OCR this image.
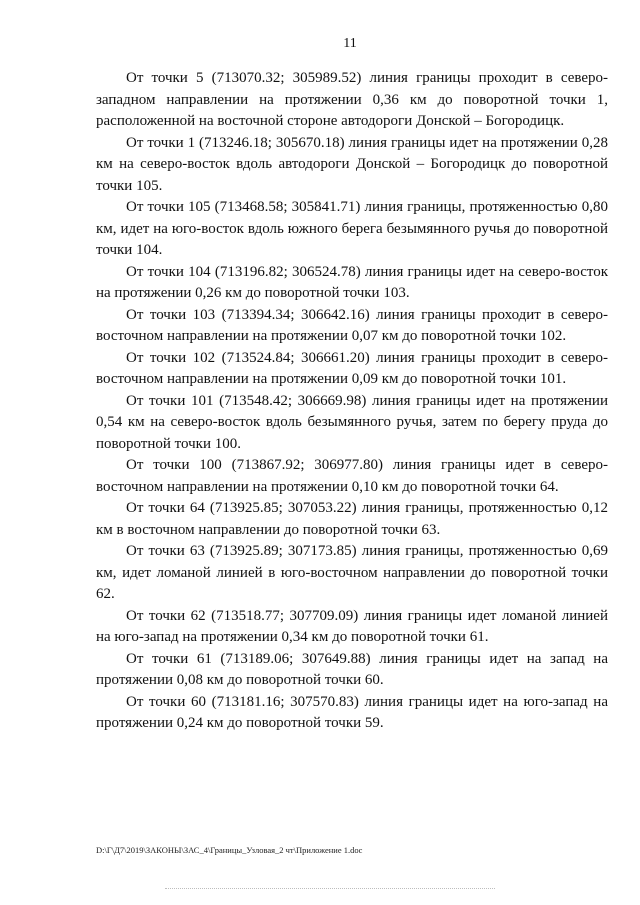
11

От точки 5 (713070.32; 305989.52) линия границы проходит в северо-западном направлении на протяжении 0,36 км до поворотной точки 1, расположенной на восточной стороне автодороги Донской – Богородицк.

От точки 1 (713246.18; 305670.18) линия границы идет на протяжении 0,28 км на северо-восток вдоль автодороги Донской – Богородицк до поворотной точки 105.

От точки 105 (713468.58; 305841.71) линия границы, протяженностью 0,80 км, идет на юго-восток вдоль южного берега безымянного ручья до поворотной точки 104.

От точки 104 (713196.82; 306524.78) линия границы идет на северо-восток на протяжении 0,26 км до поворотной точки 103.

От точки 103 (713394.34; 306642.16) линия границы проходит в северо-восточном направлении на протяжении 0,07 км до поворотной точки 102.

От точки 102 (713524.84; 306661.20) линия границы проходит в северо-восточном направлении на протяжении 0,09 км до поворотной точки 101.

От точки 101 (713548.42; 306669.98) линия границы идет на протяжении 0,54 км на северо-восток вдоль безымянного ручья, затем по берегу пруда до поворотной точки 100.

От точки 100 (713867.92; 306977.80) линия границы идет в северо-восточном направлении на протяжении 0,10 км до поворотной точки 64.

От точки 64 (713925.85; 307053.22) линия границы, протяженностью 0,12 км в восточном направлении до поворотной точки 63.

От точки 63 (713925.89; 307173.85) линия границы, протяженностью 0,69 км, идет ломаной линией в юго-восточном направлении до поворотной точки 62.

От точки 62 (713518.77; 307709.09) линия границы идет ломаной линией на юго-запад на протяжении 0,34 км до поворотной точки 61.

От точки 61 (713189.06; 307649.88) линия границы идет на запад на протяжении 0,08 км до поворотной точки 60.

От точки 60 (713181.16; 307570.83) линия границы идет на юго-запад на протяжении 0,24 км до поворотной точки 59.

D:\Г\Д7\2019\ЗАКОНЫ\ЗАС_4\Границы_Узловая_2 чт\Приложение 1.doc
